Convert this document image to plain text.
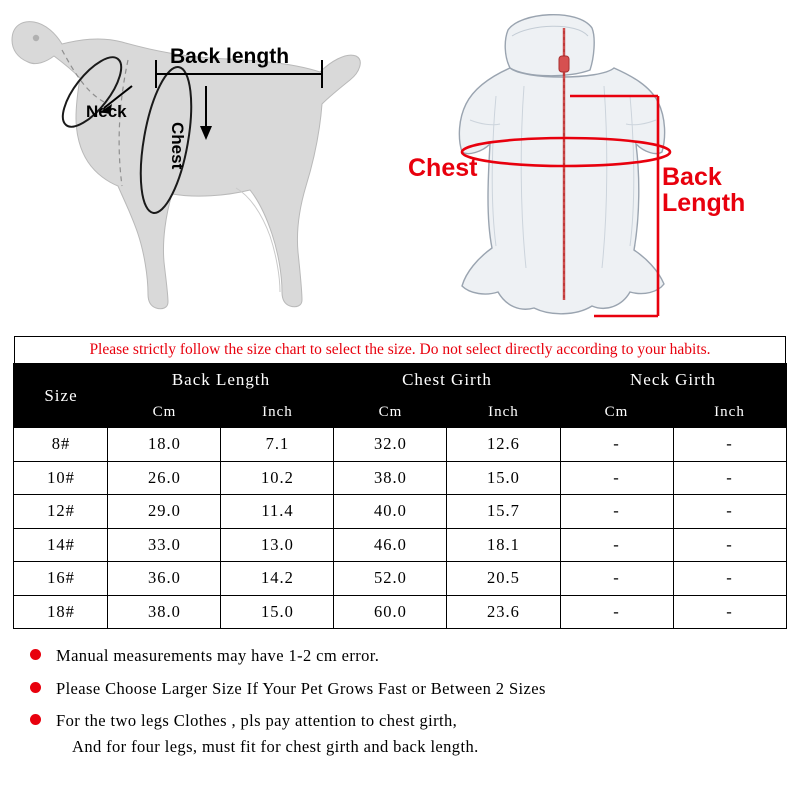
Back length
Neck
Chest	Chest	Back
Length
Please strictly follow the size chart to select the size. Do not select directly according to your habits.
Size	Back Length		Chest Girth		Neck Girth	
	Cm	Inch	Cm	Inch	Cm	Inch
8#	18.0	7.1	32.0	12.6	-	-
10#	26.0	10.2	38.0	15.0	-	-
12#	29.0	11.4	40.0	15.7	-	-
14#	33.0	13.0	46.0	18.1	-	-
16#	36.0	14.2	52.0	20.5	-	-
18#	38.0	15.0	60.0	23.6	-	-
Manual measurements may have 1-2 cm error.
Please Choose Larger Size If Your Pet Grows Fast or Between 2 Sizes
For the two legs Clothes , pls pay attention to chest girth,
And for four legs, must fit for chest girth and back length.
